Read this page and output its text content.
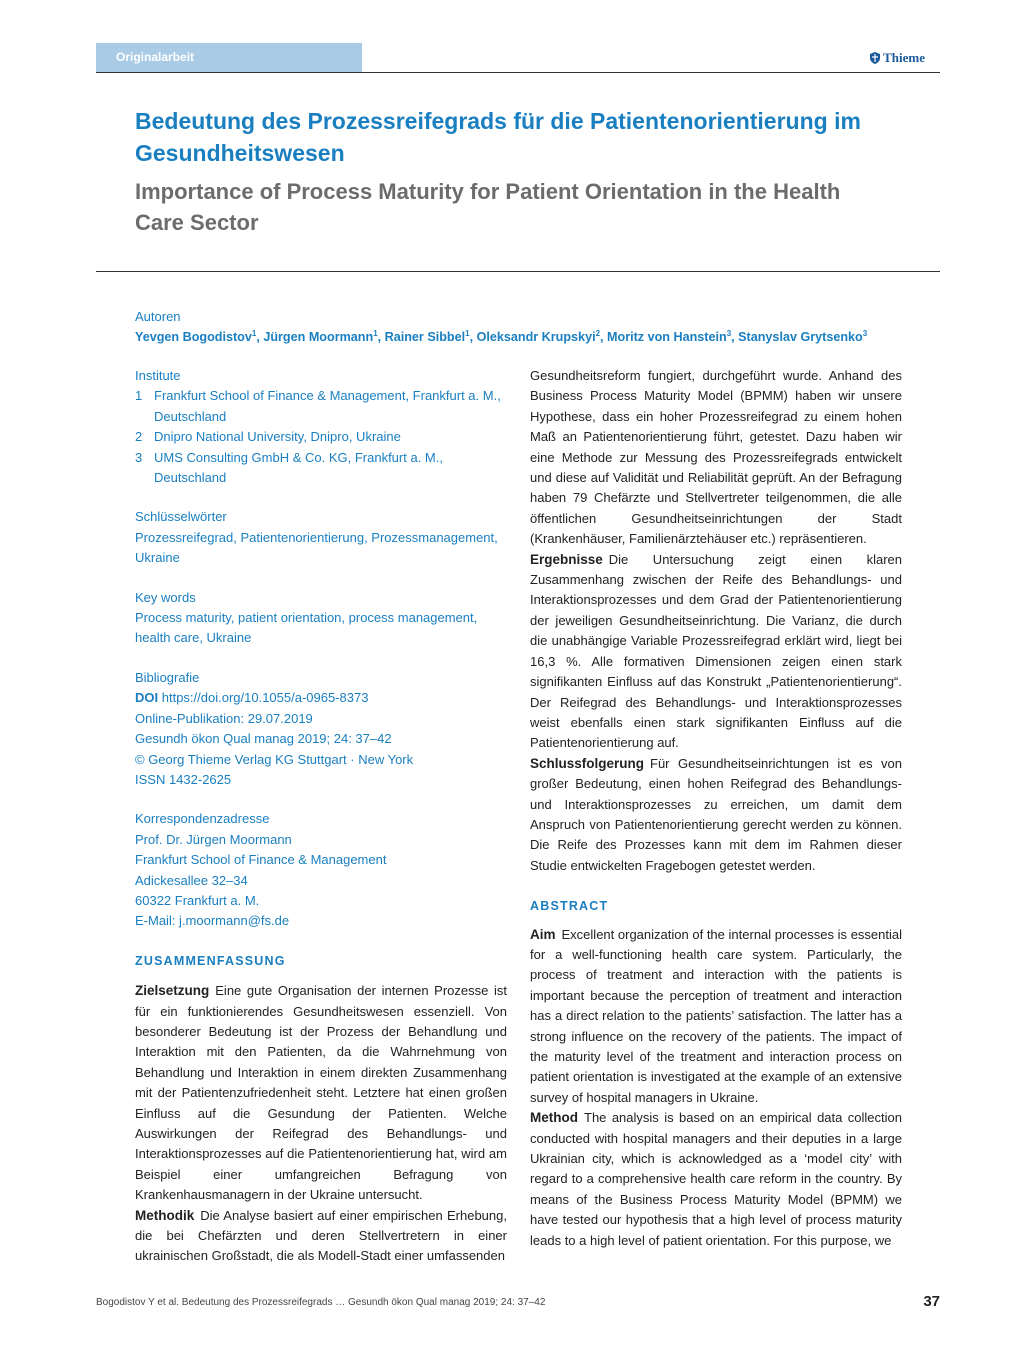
Originalarbeit	Thieme
Bedeutung des Prozessreifegrads für die Patientenorientierung im Gesundheitswesen
Importance of Process Maturity for Patient Orientation in the Health Care Sector
Autoren
Yevgen Bogodistov$^1$, Jürgen Moormann$^1$, Rainer Sibbel$^1$, Oleksandr Krupskyi$^2$, Moritz von Hanstein$^3$, Stanyslav Grytsenko$^3$
Institute
1 Frankfurt School of Finance & Management, Frankfurt a. M., Deutschland
2 Dnipro National University, Dnipro, Ukraine
3 UMS Consulting GmbH & Co. KG, Frankfurt a. M., Deutschland
Schlüsselwörter
Prozessreifegrad, Patientenorientierung, Prozessmanagement, Ukraine
Key words
Process maturity, patient orientation, process management, health care, Ukraine
Bibliografie
DOI https://doi.org/10.1055/a-0965-8373
Online-Publikation: 29.07.2019
Gesundh ökon Qual manag 2019; 24: 37–42
© Georg Thieme Verlag KG Stuttgart · New York
ISSN 1432-2625
Korrespondenzadresse
Prof. Dr. Jürgen Moormann
Frankfurt School of Finance & Management
Adickesallee 32–34
60322 Frankfurt a. M.
E-Mail: j.moormann@fs.de
ZUSAMMENFASSUNG

Zielsetzung Eine gute Organisation der internen Prozesse ist für ein funktionierendes Gesundheitswesen essenziell. Von besonderer Bedeutung ist der Prozess der Behandlung und Interaktion mit den Patienten, da die Wahrnehmung von Behandlung und Interaktion in einem direkten Zusammenhang mit der Patientenzufriedenheit steht. Letztere hat einen großen Einfluss auf die Gesundung der Patienten. Welche Auswirkungen der Reifegrad des Behandlungs- und Interaktionsprozesses auf die Patientenorientierung hat, wird am Beispiel einer umfangreichen Befragung von Krankenhausmanagern in der Ukraine untersucht.

Methodik Die Analyse basiert auf einer empirischen Erhebung, die bei Chefärzten und deren Stellvertretern in einer ukrainischen Großstadt, die als Modell-Stadt einer umfassenden

Gesundheitsreform fungiert, durchgeführt wurde. Anhand des Business Process Maturity Model (BPMM) haben wir unsere Hypothese, dass ein hoher Prozessreifegrad zu einem hohen Maß an Patientenorientierung führt, getestet. Dazu haben wir eine Methode zur Messung des Prozessreifegrads entwickelt und diese auf Validität und Reliabilität geprüft. An der Befragung haben 79 Chefärzte und Stellvertreter teilgenommen, die alle öffentlichen Gesundheitseinrichtungen der Stadt (Krankenhäuser, Familienärztehäuser etc.) repräsentieren.

Ergebnisse Die Untersuchung zeigt einen klaren Zusammenhang zwischen der Reife des Behandlungs- und Interaktionsprozesses und dem Grad der Patientenorientierung der jeweiligen Gesundheitseinrichtung. Die Varianz, die durch die unabhängige Variable Prozessreifegrad erklärt wird, liegt bei 16,3 %. Alle formativen Dimensionen zeigen einen stark signifikanten Einfluss auf das Konstrukt „Patientenorientierung“. Der Reifegrad des Behandlungs- und Interaktionsprozesses weist ebenfalls einen stark signifikanten Einfluss auf die Patientenorientierung auf.

Schlussfolgerung Für Gesundheitseinrichtungen ist es von großer Bedeutung, einen hohen Reifegrad des Behandlungs- und Interaktionsprozesses zu erreichen, um damit dem Anspruch von Patientenorientierung gerecht werden zu können. Die Reife des Prozesses kann mit dem im Rahmen dieser Studie entwickelten Fragebogen getestet werden.

ABSTRACT

Aim Excellent organization of the internal processes is essential for a well-functioning health care system. Particularly, the process of treatment and interaction with the patients is important because the perception of treatment and interaction has a direct relation to the patients’ satisfaction. The latter has a strong influence on the recovery of the patients. The impact of the maturity level of the treatment and interaction process on patient orientation is investigated at the example of an extensive survey of hospital managers in Ukraine.

Method The analysis is based on an empirical data collection conducted with hospital managers and their deputies in a large Ukrainian city, which is acknowledged as a ‘model city’ with regard to a comprehensive health care reform in the country. By means of the Business Process Maturity Model (BPMM) we have tested our hypothesis that a high level of process maturity leads to a high level of patient orientation. For this purpose, we

Bogodistov Y et al. Bedeutung des Prozessreifegrads … Gesundh ökon Qual manag 2019; 24: 37–42	37
